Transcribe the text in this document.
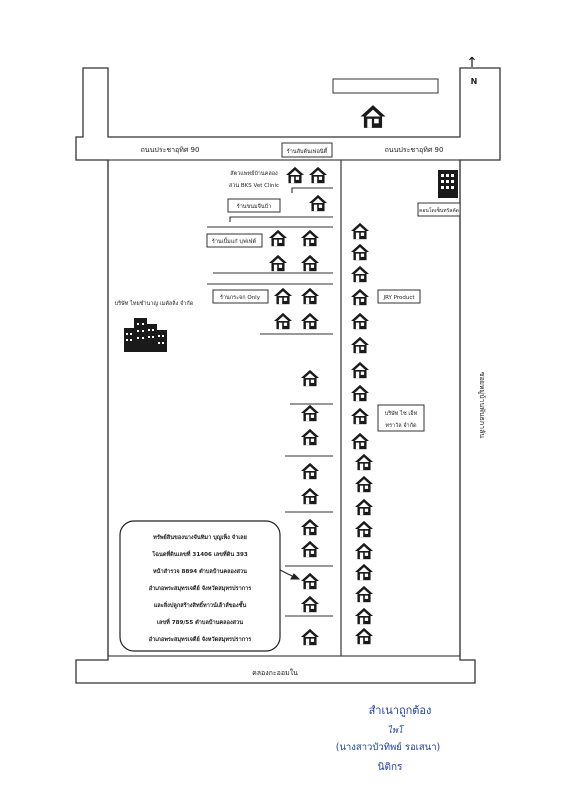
↑
N
ถนนประชาอุทิศ 90	ถนนประชาอุทิศ 90
คลองกะออมใน
ซอยหมู่บ้านพันธกาลัน
ร้านลับต้นเฟอนิตี้
สัตวแพทย์บ้านคลอง
สวน BKS Vet Clinic
ร้านขนมจีนป้า
ร้านเบิ้มแก๋ บุฟเฟ่ต์
ร้านกระจก Only
บริษัท ไทยชำนาญ เมตัลลิ่ง จำกัด
คอนโดเซ็นทรัลคัด
JRY Product
บริษัท ไซ เอ็ท
ทราวัล จำกัด
ทรัพย์สินของนางจันทิมา บุญเพ็ง จำเลย
โฉนดที่ดินเลขที่ 31406 เลขที่ดิน 393
หน้าสำรวจ 8894 ตำบลบ้านคลองสวน
อำเภอพระสมุทรเจดีย์ จังหวัดสมุทรปราการ
และสิ่งปลูกสร้างสิทธิ์ทาวน์เฮ้าส์ของชั้น
เลขที่ 789/55 ตำบลบ้านคลองสวน
อำเภอพระสมุทรเจดีย์ จังหวัดสมุทรปราการ
สำเนาถูกต้อง
ไพโ
(นางสาวบัวทิพย์ รอเสนา)
นิติกร
